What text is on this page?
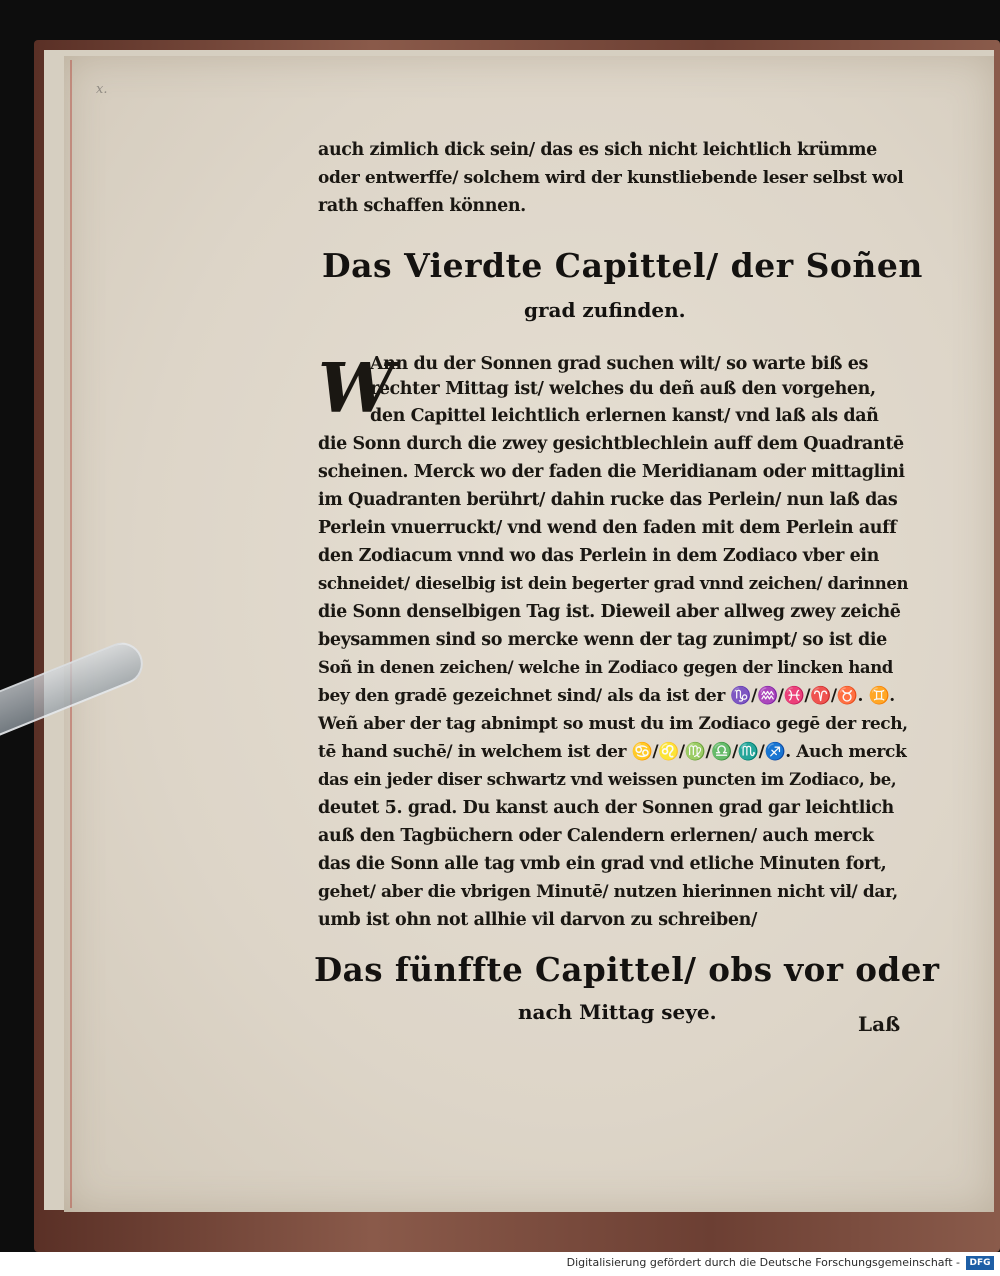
x.
auch zimlich dick sein/ das es sich nicht leichtlich krümme
oder entwerffe/ solchem wird der kunstliebende leser selbst wol
rath schaffen können.
Das Vierdte Capittel/ der Soñen
grad zufinden.
W
Ann du der Sonnen grad suchen wilt/ so warte biß es
rechter Mittag ist/ welches du deñ auß den vorgehen,
den Capittel leichtlich erlernen kanst/ vnd laß als dañ
die Sonn durch die zwey gesichtblechlein auff dem Quadrantē
scheinen. Merck wo der faden die Meridianam oder mittaglini
im Quadranten berührt/ dahin rucke das Perlein/ nun laß das
Perlein vnuerruckt/ vnd wend den faden mit dem Perlein auff
den Zodiacum vnnd wo das Perlein in dem Zodiaco vber ein
schneidet/ dieselbig ist dein begerter grad vnnd zeichen/ darinnen
die Sonn denselbigen Tag ist. Dieweil aber allweg zwey zeichē
beysammen sind so mercke wenn der tag zunimpt/ so ist die
Soñ in denen zeichen/ welche in Zodiaco gegen der lincken hand
bey den gradē gezeichnet sind/ als da ist der ♑/♒/♓/♈/♉. ♊.
Weñ aber der tag abnimpt so must du im Zodiaco gegē der rech,
tē hand suchē/ in welchem ist der ♋/♌/♍/♎/♏/♐. Auch merck
das ein jeder diser schwartz vnd weissen puncten im Zodiaco, be,
deutet 5. grad. Du kanst auch der Sonnen grad gar leichtlich
auß den Tagbüchern oder Calendern erlernen/ auch merck
das die Sonn alle tag vmb ein grad vnd etliche Minuten fort,
gehet/ aber die vbrigen Minutē/ nutzen hierinnen nicht vil/ dar,
umb ist ohn not allhie vil darvon zu schreiben/
Das fünffte Capittel/ obs vor oder
nach Mittag seye.	Laß
Digitalisierung gefördert durch die Deutsche Forschungsgemeinschaft -	DFG
